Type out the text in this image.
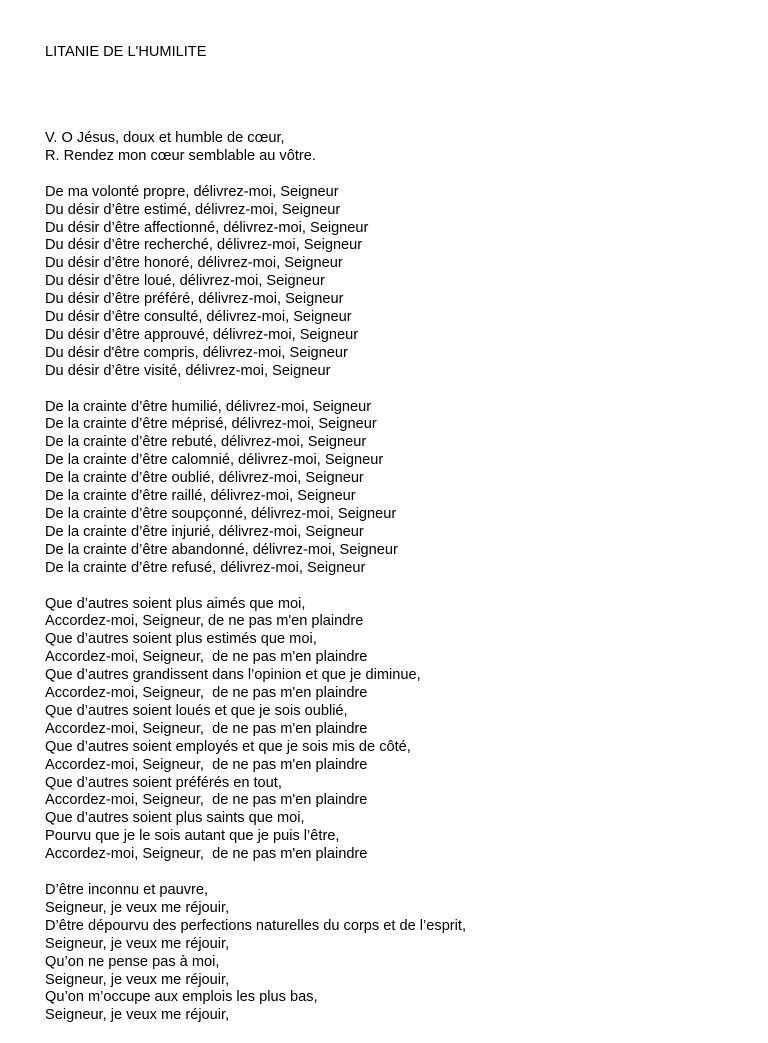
LITANIE DE L'HUMILITE
V. O Jésus, doux et humble de cœur,
R. Rendez mon cœur semblable au vôtre.
De ma volonté propre, délivrez-moi, Seigneur
Du désir d’être estimé, délivrez-moi, Seigneur
Du désir d’être affectionné, délivrez-moi, Seigneur
Du désir d’être recherché, délivrez-moi, Seigneur
Du désir d’être honoré, délivrez-moi, Seigneur
Du désir d’être loué, délivrez-moi, Seigneur
Du désir d’être préféré, délivrez-moi, Seigneur
Du désir d’être consulté, délivrez-moi, Seigneur
Du désir d’être approuvé, délivrez-moi, Seigneur
Du désir d'être compris, délivrez-moi, Seigneur
Du désir d’être visité, délivrez-moi, Seigneur
De la crainte d’être humilié, délivrez-moi, Seigneur
De la crainte d’être méprisé, délivrez-moi, Seigneur
De la crainte d’être rebuté, délivrez-moi, Seigneur
De la crainte d’être calomnié, délivrez-moi, Seigneur
De la crainte d’être oublié, délivrez-moi, Seigneur
De la crainte d’être raillé, délivrez-moi, Seigneur
De la crainte d’être soupçonné, délivrez-moi, Seigneur
De la crainte d’être injurié, délivrez-moi, Seigneur
De la crainte d’être abandonné, délivrez-moi, Seigneur
De la crainte d’être refusé, délivrez-moi, Seigneur
Que d’autres soient plus aimés que moi,
Accordez-moi, Seigneur, de ne pas m'en plaindre
Que d’autres soient plus estimés que moi,
Accordez-moi, Seigneur,  de ne pas m'en plaindre
Que d’autres grandissent dans l’opinion et que je diminue,
Accordez-moi, Seigneur,  de ne pas m'en plaindre
Que d’autres soient loués et que je sois oublié,
Accordez-moi, Seigneur,  de ne pas m'en plaindre
Que d’autres soient employés et que je sois mis de côté,
Accordez-moi, Seigneur,  de ne pas m'en plaindre
Que d’autres soient préférés en tout,
Accordez-moi, Seigneur,  de ne pas m'en plaindre
Que d’autres soient plus saints que moi,
Pourvu que je le sois autant que je puis l’être,
Accordez-moi, Seigneur,  de ne pas m'en plaindre
D’être inconnu et pauvre,
Seigneur, je veux me réjouir,
D’être dépourvu des perfections naturelles du corps et de l’esprit,
Seigneur, je veux me réjouir,
Qu’on ne pense pas à moi,
Seigneur, je veux me réjouir,
Qu’on m’occupe aux emplois les plus bas,
Seigneur, je veux me réjouir,
